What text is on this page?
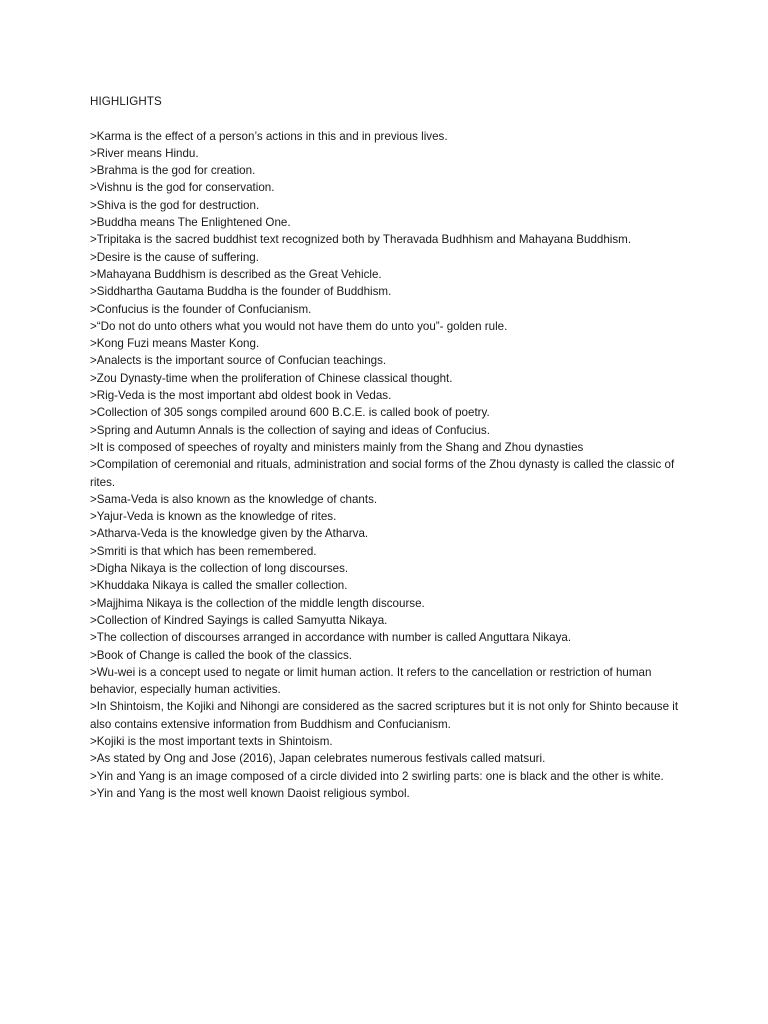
HIGHLIGHTS
>Karma is the effect of a person’s actions in this and in previous lives.
>River means Hindu.
>Brahma is the god for creation.
>Vishnu is the god for conservation.
>Shiva is the god for destruction.
>Buddha means The Enlightened One.
>Tripitaka is the sacred buddhist text recognized both by Theravada Budhhism and Mahayana Buddhism.
>Desire is the cause of suffering.
>Mahayana Buddhism is described as the Great Vehicle.
>Siddhartha Gautama Buddha is the founder of Buddhism.
>Confucius is the founder of Confucianism.
>“Do not do unto others what you would not have them do unto you”- golden rule.
>Kong Fuzi means Master Kong.
>Analects is the important source of Confucian teachings.
>Zou Dynasty-time when the proliferation of Chinese classical thought.
>Rig-Veda is the most important abd oldest book in Vedas.
>Collection of 305 songs compiled around 600 B.C.E. is called book of poetry.
>Spring and Autumn Annals is the collection of saying and ideas of Confucius.
>It is composed of speeches of royalty and ministers mainly from the Shang and Zhou dynasties
>Compilation of ceremonial and rituals, administration and social forms of the Zhou dynasty is called the classic of rites.
>Sama-Veda is also known as the knowledge of chants.
>Yajur-Veda is known as the knowledge of rites.
>Atharva-Veda is the knowledge given by the Atharva.
>Smriti is that which has been remembered.
>Digha Nikaya is the collection of long discourses.
>Khuddaka Nikaya is called the smaller collection.
>Majjhima Nikaya is the collection of the middle length discourse.
>Collection of Kindred Sayings is called Samyutta Nikaya.
>The collection of discourses arranged in accordance with number is called Anguttara Nikaya.
>Book of Change is called the book of the classics.
>Wu-wei is a concept used to negate or limit human action. It refers to the cancellation or restriction of human behavior, especially human activities.
>In Shintoism, the Kojiki and Nihongi are considered as the sacred scriptures but it is not only for Shinto because it also contains extensive information from Buddhism and Confucianism.
>Kojiki is the most important texts in Shintoism.
>As stated by Ong and Jose (2016), Japan celebrates numerous festivals called matsuri.
>Yin and Yang is an image composed of a circle divided into 2 swirling parts: one is black and the other is white.
>Yin and Yang is the most well known Daoist religious symbol.
